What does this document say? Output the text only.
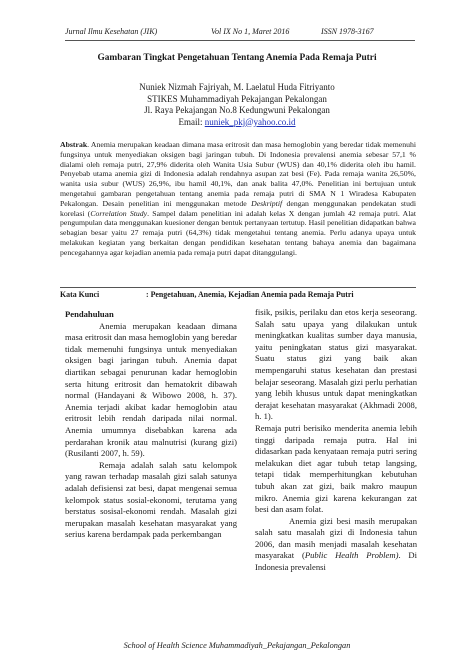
Jurnal Ilmu Kesehatan (JIK)	Vol IX No 1, Maret 2016	ISSN 1978-3167
Gambaran Tingkat Pengetahuan Tentang Anemia Pada Remaja Putri
Nuniek Nizmah Fajriyah, M. Laelatul Huda Fitriyanto
STIKES Muhammadiyah Pekajangan Pekalongan
Jl. Raya Pekajangan No.8 Kedungwuni Pekalongan
Email: nuniek_pkj@yahoo.co.id
Abstrak. Anemia merupakan keadaan dimana masa eritrosit dan masa hemoglobin yang beredar tidak memenuhi fungsinya untuk menyediakan oksigen bagi jaringan tubuh. Di Indonesia prevalensi anemia sebesar 57,1 % dialami oleh remaja putri, 27,9% diderita oleh Wanita Usia Subur (WUS) dan 40,1% diderita oleh ibu hamil. Penyebab utama anemia gizi di Indonesia adalah rendahnya asupan zat besi (Fe). Pada remaja wanita 26,50%, wanita usia subur (WUS) 26,9%, ibu hamil 40,1%, dan anak balita 47,0%. Penelitian ini bertujuan untuk mengetahui gambaran pengetahuan tentang anemia pada remaja putri di SMA N 1 Wiradesa Kabupaten Pekalongan. Desain penelitian ini menggunakan metode Deskriptif dengan menggunakan pendekatan studi korelasi (Correlation Study. Sampel dalam penelitian ini adalah kelas X dengan jumlah 42 remaja putri. Alat pengumpulan data menggunakan kuesioner dengan bentuk pertanyaan tertutup. Hasil penelitian didapatkan bahwa sebagian besar yaitu 27 remaja putri (64,3%) tidak mengetahui tentang anemia. Perlu adanya upaya untuk melakukan kegiatan yang berkaitan dengan pendidikan kesehatan tentang bahaya anemia dan bagaimana pencegahannya agar kejadian anemia pada remaja putri dapat ditanggulangi.
Kata Kunci	: Pengetahuan, Anemia, Kejadian Anemia pada Remaja Putri

Pendahuluan

Anemia merupakan keadaan dimana masa eritrosit dan masa hemoglobin yang beredar tidak memenuhi fungsinya untuk menyediakan oksigen bagi jaringan tubuh. Anemia dapat diartikan sebagai penurunan kadar hemoglobin serta hitung eritrosit dan hematokrit dibawah normal (Handayani & Wibowo 2008, h. 37). Anemia terjadi akibat kadar hemoglobin atau eritrosit lebih rendah daripada nilai normal. Anemia umumnya disebabkan karena ada perdarahan kronik atau malnutrisi (kurang gizi) (Rusilanti 2007, h. 59).

Remaja adalah salah satu kelompok yang rawan terhadap masalah gizi salah satunya adalah defisiensi zat besi, dapat mengenai semua kelompok status sosial-ekonomi, terutama yang berstatus sosisal-ekonomi rendah. Masalah gizi merupakan masalah kesehatan masyarakat yang serius karena berdampak pada perkembangan

fisik, psikis, perilaku dan etos kerja seseorang. Salah satu upaya yang dilakukan untuk meningkatkan kualitas sumber daya manusia, yaitu peningkatan status gizi masyarakat. Suatu status gizi yang baik akan mempengaruhi status kesehatan dan prestasi belajar seseorang. Masalah gizi perlu perhatian yang lebih khusus untuk dapat meningkatkan derajat kesehatan masyarakat (Akhmadi 2008, h. 1).

Remaja putri berisiko menderita anemia lebih tinggi daripada remaja putra. Hal ini didasarkan pada kenyataan remaja putri sering melakukan diet agar tubuh tetap langsing, tetapi tidak memperhitungkan kebutuhan tubuh akan zat gizi, baik makro maupun mikro. Anemia gizi karena kekurangan zat besi dan asam folat.

Anemia gizi besi masih merupakan salah satu masalah gizi di Indonesia tahun 2006, dan masih menjadi masalah kesehatan masyarakat (Public Health Problem). Di Indonesia prevalensi

School of Health Science Muhammadiyah_Pekajangan_Pekalongan
